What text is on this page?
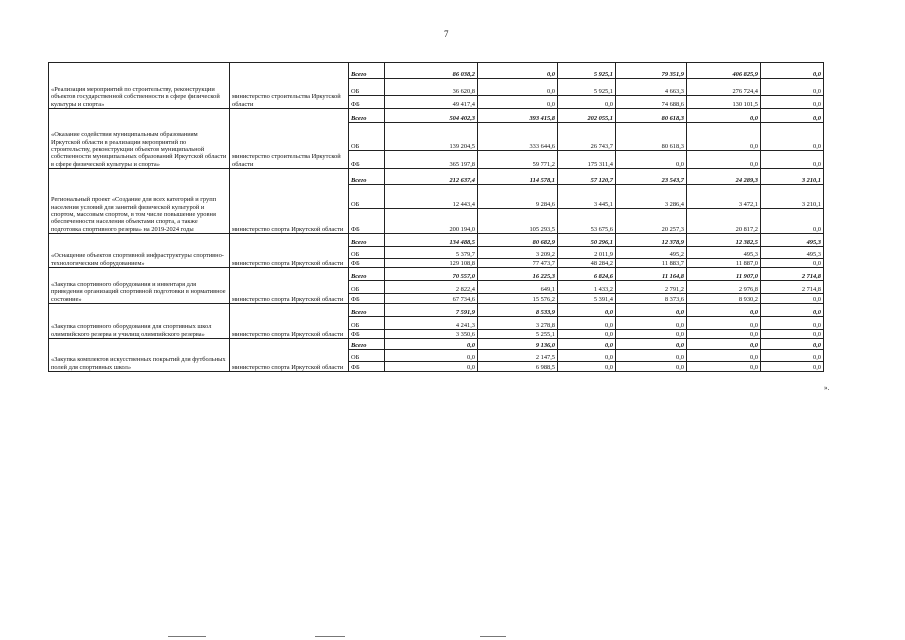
7
«Реализация мероприятий по строительству, реконструкции объектов государственной собственности в сфере физической культуры и спорта»	министерство строительства Иркутской области	Всего	86 038,2	0,0	5 925,1	79 351,9	406 825,9	0,0
		ОБ	36 620,8	0,0	5 925,1	4 663,3	276 724,4	0,0
		ФБ	49 417,4	0,0	0,0	74 688,6	130 101,5	0,0
«Оказание содействия муниципальным образованиям Иркутской области в реализации мероприятий по строительству, реконструкции объектов муниципальной собственности муниципальных образований Иркутской области в сфере физической культуры и спорта»	министерство строительства Иркутской области	Всего	504 402,3	393 415,8	202 055,1	80 618,3	0,0	0,0
		ОБ	139 204,5	333 644,6	26 743,7	80 618,3	0,0	0,0
		ФБ	365 197,8	59 771,2	175 311,4	0,0	0,0	0,0
Региональный проект «Создание для всех категорий и групп населения условий для занятий физической культурой и спортом, массовым спортом, в том числе повышение уровня обеспеченности населения объектами спорта, а также подготовка спортивного резерва» на 2019-2024 годы	министерство спорта Иркутской области	Всего	212 637,4	114 578,1	57 120,7	23 543,7	24 289,3	3 210,1
		ОБ	12 443,4	9 284,6	3 445,1	3 286,4	3 472,1	3 210,1
		ФБ	200 194,0	105 293,5	53 675,6	20 257,3	20 817,2	0,0
«Оснащение объектов спортивной инфраструктуры спортивно-технологическим оборудованием»	министерство спорта Иркутской области	Всего	134 488,5	80 682,9	50 296,1	12 378,9	12 382,5	495,3
		ОБ	5 379,7	3 209,2	2 011,9	495,2	495,3	495,3
		ФБ	129 108,8	77 473,7	48 284,2	11 883,7	11 887,0	0,0
«Закупка спортивного оборудования и инвентаря для приведения организаций спортивной подготовки в нормативное состояние»	министерство спорта Иркутской области	Всего	70 557,0	16 225,3	6 824,6	11 164,8	11 907,0	2 714,8
		ОБ	2 822,4	649,1	1 433,2	2 791,2	2 976,8	2 714,8
		ФБ	67 734,6	15 576,2	5 391,4	8 373,6	8 930,2	0,0
«Закупка спортивного оборудования для спортивных школ олимпийского резерва и училищ олимпийского резерва»	министерство спорта Иркутской области	Всего	7 591,9	8 533,9	0,0	0,0	0,0	0,0
		ОБ	4 241,3	3 278,8	0,0	0,0	0,0	0,0
		ФБ	3 350,6	5 255,1	0,0	0,0	0,0	0,0
«Закупка комплектов искусственных покрытий для футбольных полей для спортивных школ»	министерство спорта Иркутской области	Всего	0,0	9 136,0	0,0	0,0	0,0	0,0
		ОБ	0,0	2 147,5	0,0	0,0	0,0	0,0
		ФБ	0,0	6 988,5	0,0	0,0	0,0	0,0
».
